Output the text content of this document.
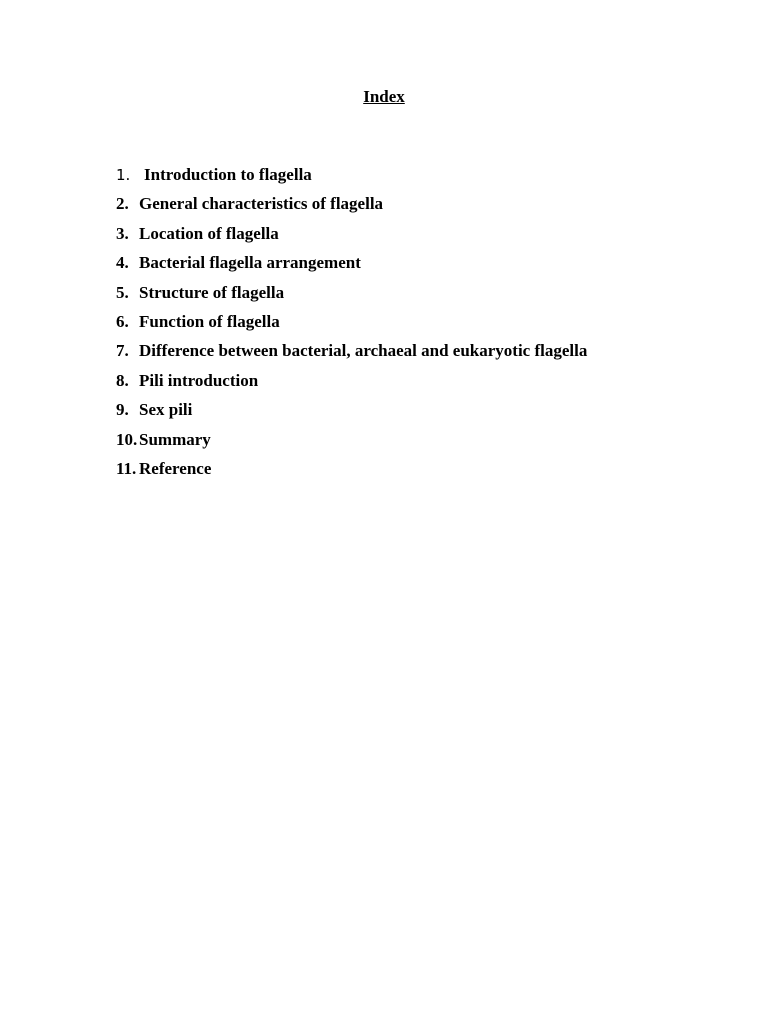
Index
1. Introduction to flagella
2. General characteristics of flagella
3. Location of flagella
4. Bacterial flagella arrangement
5. Structure of flagella
6. Function of flagella
7. Difference between bacterial, archaeal and eukaryotic flagella
8. Pili introduction
9. Sex pili
10. Summary
11. Reference
